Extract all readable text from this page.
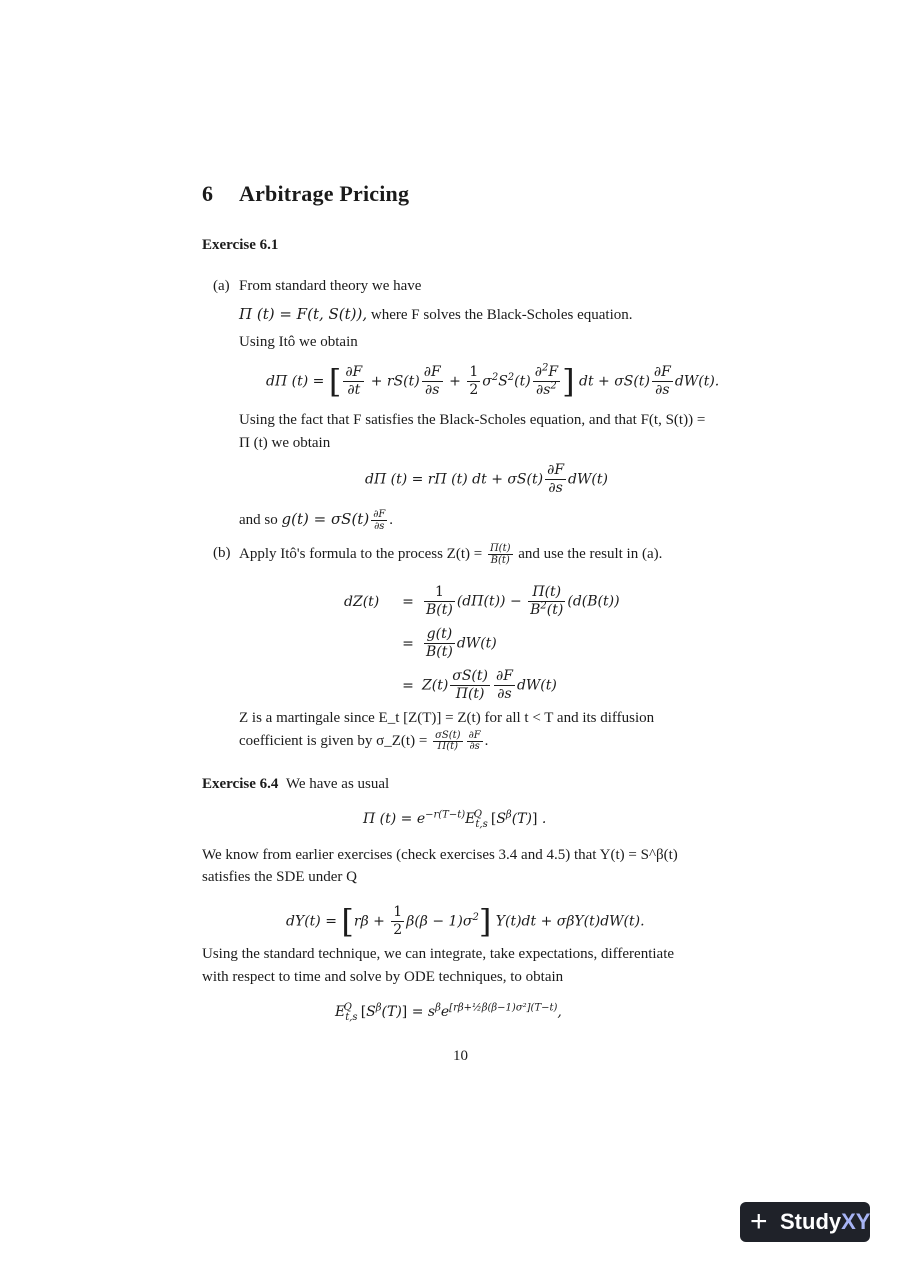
6 Arbitrage Pricing
Exercise 6.1
(a) From standard theory we have
Π (t) = F(t, S(t)), where F solves the Black-Scholes equation.
Using Itô we obtain
dΠ (t) = [ $\frac{\partial F}{\partial t} + rS(t) \frac{\partial F}{\partial s} + \frac{1}{2} \sigma^2S^2(t) \frac{\partial^2F}{\partial s^2}$ ] dt + $\sigma S(t) \frac{\partial F}{\partial s} dW(t)$.
Using the fact that F satisfies the Black-Scholes equation, and that F(t, S(t)) =
Π (t) we obtain
dΠ (t) = rΠ (t) dt + $\sigma S(t) \frac{\partial F}{\partial s} dW(t)$
and so $g(t) = \sigma S(t) \frac{\partial F}{\partial s}$ .
(b) Apply Itô's formula to the process $Z(t) = \frac{\Pi(t)}{B(t)}$ and use the result in (a).
$dZ(t) = \frac{1}{B(t)} (d\Pi(t)) - \frac{\Pi(t)}{B^2(t)} (d(B(t))$
= $\frac{g(t)}{B(t)} dW(t)$
= $Z(t) \frac{\sigma S(t)}{\Pi(t)} \frac{\partial F}{\partial s} dW(t)$
Z is a martingale since E_t [Z(T)] = Z(t) for all t < T and its diffusion
coefficient is given by σ_Z(t) = $\frac{\sigma S(t)}{\Pi(t)} \frac{\partial F}{\partial s}$ .
Exercise 6.4 We have as usual
Π $(t) = e^{-r(T-t)}E_{t,s}^Q$ $[S^\beta(T)]$ .
We know from earlier exercises (check exercises 3.4 and 4.5) that Y(t) = S^β(t)
satisfies the SDE under Q
$dY(t) = [r\beta + \frac{1}{2} \beta(\beta - 1)\sigma^2]$ Y(t)dt + σβY(t)dW(t).
Using the standard technique, we can integrate, take expectations, differentiate
with respect to time and solve by ODE techniques, to obtain
$E_{t,s}^Q$ $[S^\beta(T)] = s^\beta e^{[r\beta+\frac{1}{2}\beta(\beta-1)\sigma^2](T-t)}$,
10
+ StudyXY
